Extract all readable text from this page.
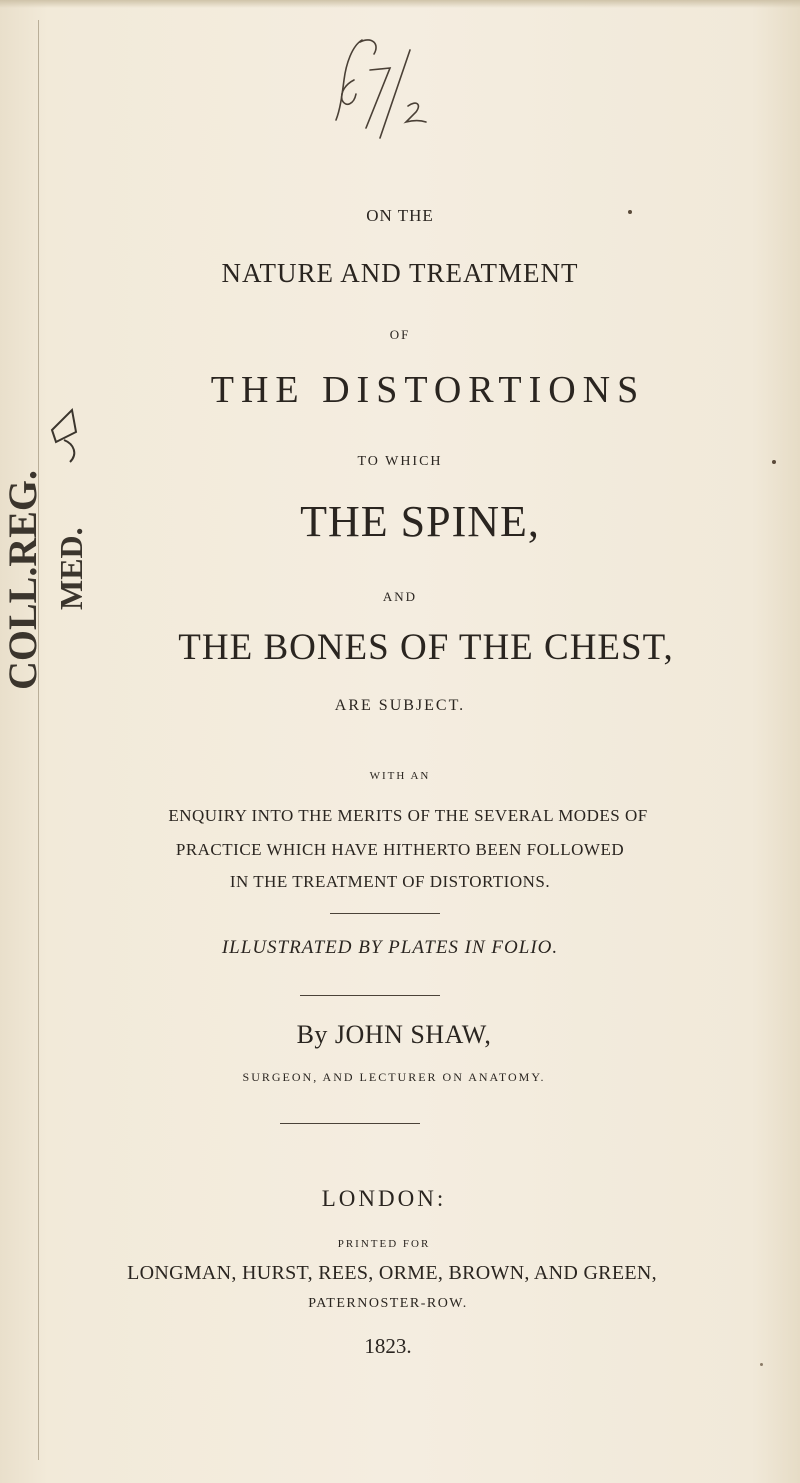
ON THE
NATURE AND TREATMENT
OF
THE DISTORTIONS
TO WHICH
THE SPINE,
AND
THE BONES OF THE CHEST,
ARE SUBJECT.
WITH AN
ENQUIRY INTO THE MERITS OF THE SEVERAL MODES OF
PRACTICE WHICH HAVE HITHERTO BEEN FOLLOWED
IN THE TREATMENT OF DISTORTIONS.
ILLUSTRATED BY PLATES IN FOLIO.
By JOHN SHAW,
SURGEON, AND LECTURER ON ANATOMY.
LONDON:
PRINTED FOR
LONGMAN, HURST, REES, ORME, BROWN, AND GREEN,
PATERNOSTER-ROW.
1823.
COLL.REG. MED.
